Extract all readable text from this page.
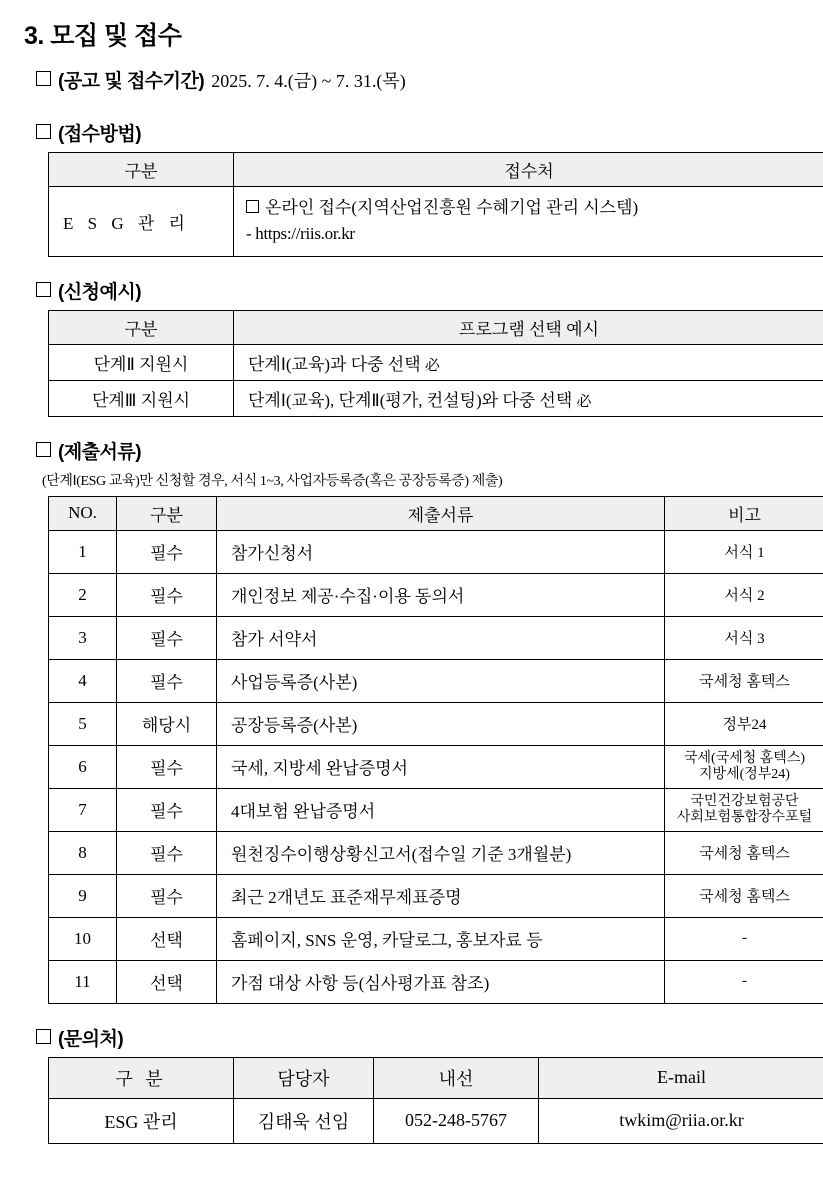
3. 모집 및 접수
(공고 및 접수기간) 2025. 7. 4.(금) ~ 7. 31.(목)
(접수방법)
구분	접수처
E S G 관 리	온라인 접수(지역산업진흥원 수혜기업 관리 시스템)
- https://riis.or.kr
(신청예시)
구분	프로그램 선택 예시
단계Ⅱ 지원시	단계Ⅰ(교육)과 다중 선택 必
단계Ⅲ 지원시	단계Ⅰ(교육), 단계Ⅱ(평가, 컨설팅)와 다중 선택 必
(제출서류)
(단계Ⅰ(ESG 교육)만 신청할 경우, 서식 1~3, 사업자등록증(혹은 공장등록증) 제출)
NO.	구분	제출서류	비고
1	필수	참가신청서	서식 1
2	필수	개인정보 제공·수집·이용 동의서	서식 2
3	필수	참가 서약서	서식 3
4	필수	사업등록증(사본)	국세청 홈텍스
5	해당시	공장등록증(사본)	정부24
6	필수	국세, 지방세 완납증명서	국세(국세청 홈텍스)
지방세(정부24)

7	필수	4대보험 완납증명서	국민건강보험공단
사회보험통합장수포털

8	필수	원천징수이행상황신고서(접수일 기준 3개월분)	국세청 홈텍스
9	필수	최근 2개년도 표준재무제표증명	국세청 홈텍스
10	선택	홈페이지, SNS 운영, 카달로그, 홍보자료 등	-
11	선택	가점 대상 사항 등(심사평가표 참조)	-
(문의처)
구 분	담당자	내선	E-mail
ESG 관리	김태욱 선임	052-248-5767	twkim@riia.or.kr
